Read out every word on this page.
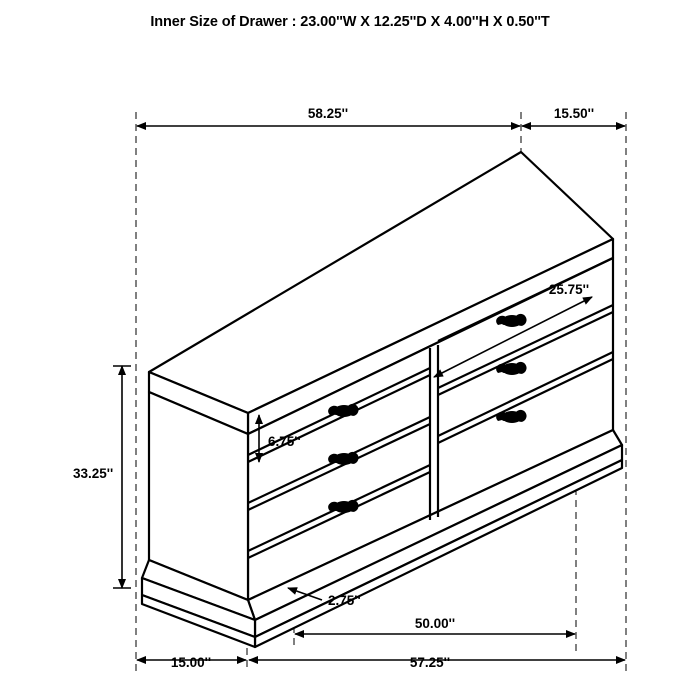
Inner Size of Drawer : 23.00''W X 12.25''D X 4.00''H X 0.50''T
58.25''	15.50''
25.75''
6.75''
33.25''
2.75''
15.00''
50.00''
57.25''
